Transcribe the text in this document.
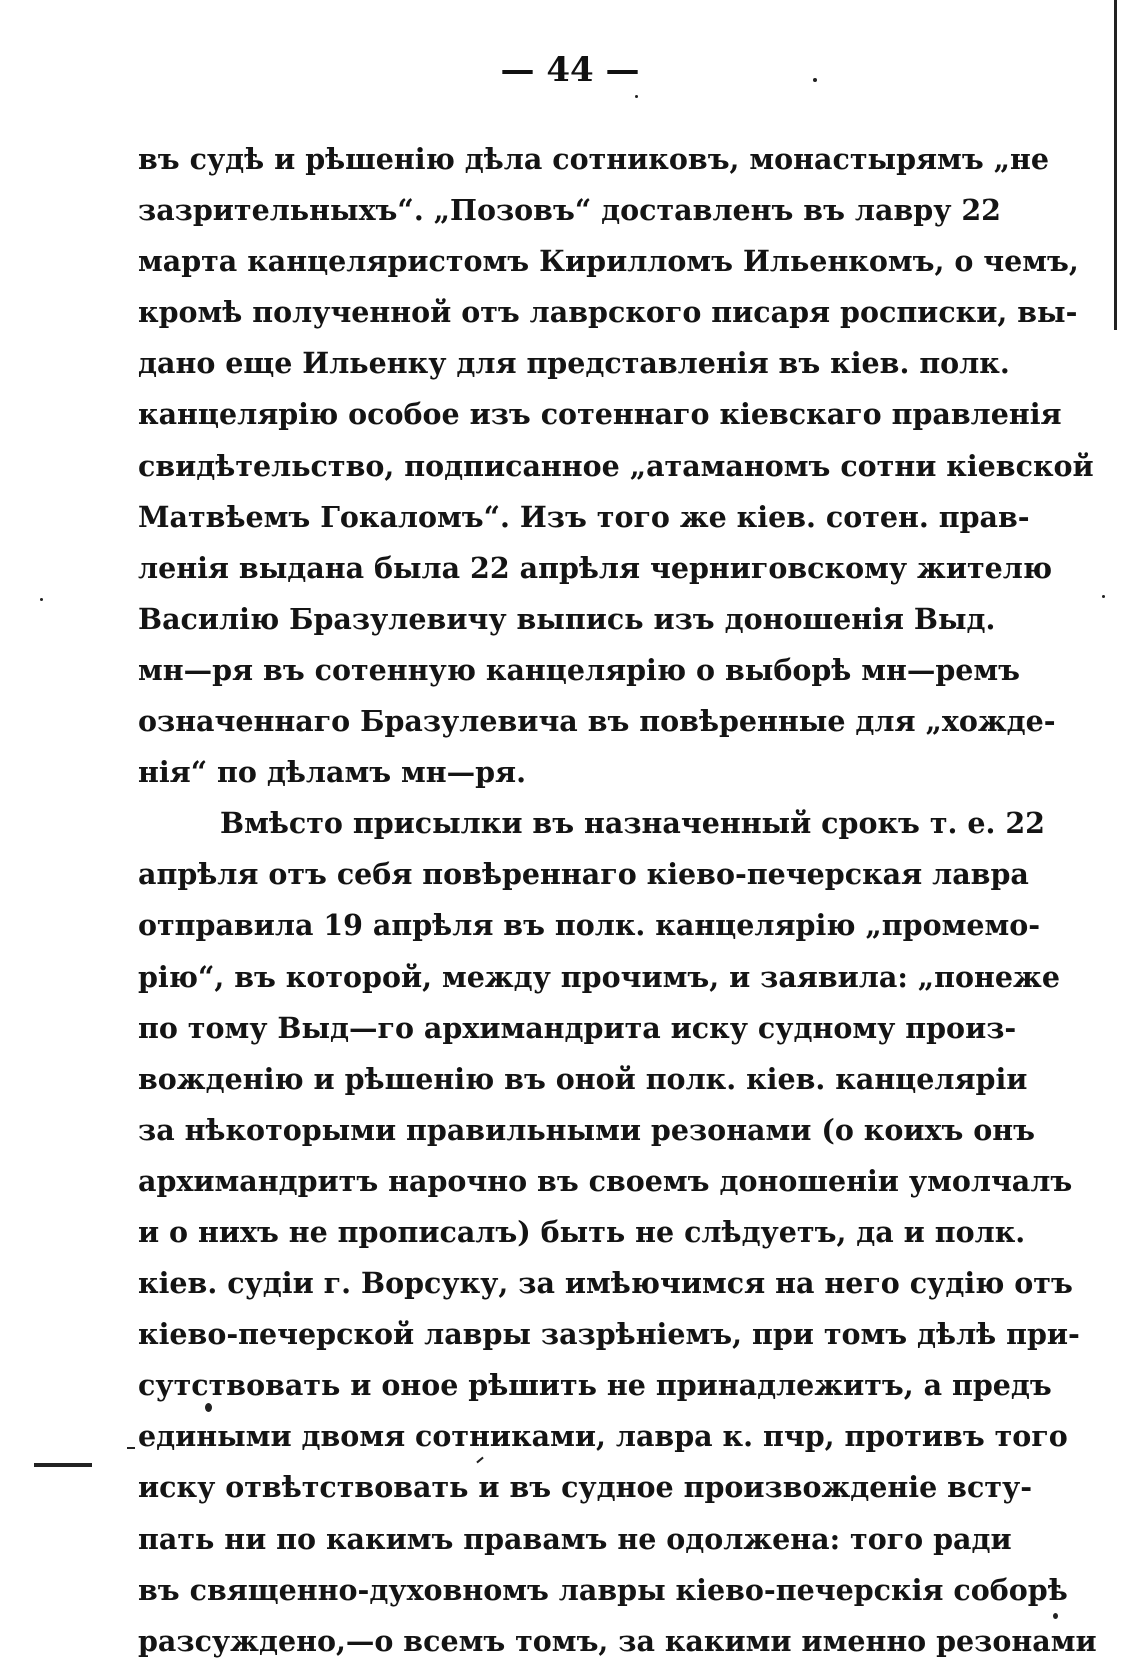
— 44 —
въ судѣ и рѣшенію дѣла сотниковъ, монастырямъ „не
зазрительныхъ“. „Позовъ“ доставленъ въ лавру 22
марта канцеляристомъ Кирилломъ Ильенкомъ, о чемъ,
кромѣ полученной отъ лаврского писаря росписки, вы-
дано еще Ильенку для представленія въ кіев. полк.
канцелярію особое изъ сотеннаго кіевскаго правленія
свидѣтельство, подписанное „атаманомъ сотни кіевской
Матвѣемъ Гокаломъ“. Изъ того же кіев. сотен. прав-
ленія выдана была 22 апрѣля черниговскому жителю
Василію Бразулевичу выпись изъ доношенія Выд.
мн—ря въ сотенную канцелярію о выборѣ мн—ремъ
означеннаго Бразулевича въ повѣренные для „хожде-
нія“ по дѣламъ мн—ря.
Вмѣсто присылки въ назначенный срокъ т. е. 22
апрѣля отъ себя повѣреннаго кіево-печерская лавра
отправила 19 апрѣля въ полк. канцелярію „промемо-
рію“, въ которой, между прочимъ, и заявила: „понеже
по тому Выд—го архимандрита иску судному произ-
вожденію и рѣшенію въ оной полк. кіев. канцеляріи
за нѣкоторыми правильными резонами (о коихъ онъ
архимандритъ нарочно въ своемъ доношеніи умолчалъ
и о нихъ не прописалъ) быть не слѣдуетъ, да и полк.
кіев. судіи г. Ворсуку, за имѣючимся на него судію отъ
кіево-печерской лавры зазрѣніемъ, при томъ дѣлѣ при-
сутствовать и оное рѣшить не принадлежитъ, а предъ
едиными двомя сотниками, лавра к. пчр, противъ того
иску отвѣтствовать и въ судное произвожденіе всту-
пать ни по какимъ правамъ не одолжена: того ради
въ священно-духовномъ лавры кіево-печерскія соборѣ
разсуждено,—о всемъ томъ, за какими именно резонами
